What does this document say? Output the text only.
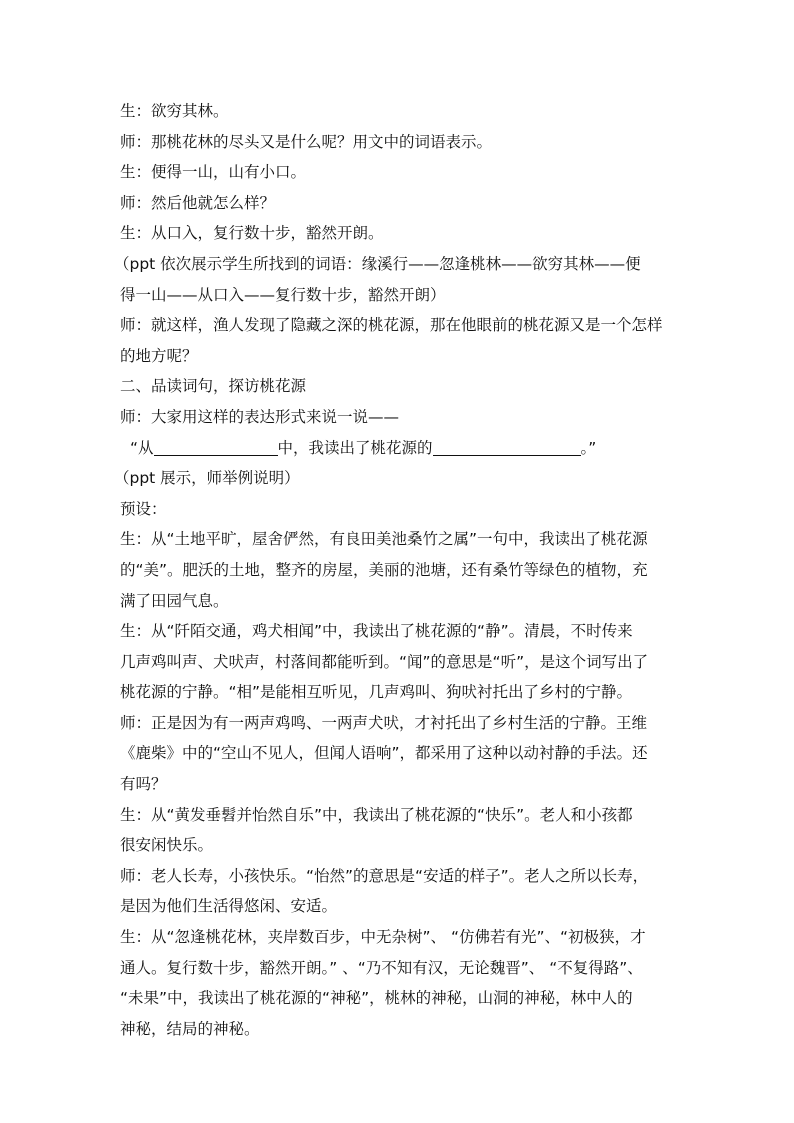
生：欲穷其林。
师：那桃花林的尽头又是什么呢？用文中的词语表示。
生：便得一山，山有小口。
师：然后他就怎么样？
生：从口入，复行数十步，豁然开朗。
（ppt 依次展示学生所找到的词语：缘溪行——忽逢桃林——欲穷其林——便
得一山——从口入——复行数十步，豁然开朗）
师：就这样，渔人发现了隐藏之深的桃花源，那在他眼前的桃花源又是一个怎样
的地方呢？
二、品读词句，探访桃花源
师：大家用这样的表达形式来说一说——
“从	中，我读出了桃花源的	。”
（ppt 展示，师举例说明）
预设：
生：从“土地平旷，屋舍俨然，有良田美池桑竹之属”一句中，我读出了桃花源
的“美”。肥沃的土地，整齐的房屋，美丽的池塘，还有桑竹等绿色的植物，充
满了田园气息。
生：从“阡陌交通，鸡犬相闻”中，我读出了桃花源的“静”。清晨，不时传来
几声鸡叫声、犬吠声，村落间都能听到。“闻”的意思是“听”，是这个词写出了
桃花源的宁静。“相”是能相互听见，几声鸡叫、狗吠衬托出了乡村的宁静。
师：正是因为有一两声鸡鸣、一两声犬吠，才衬托出了乡村生活的宁静。王维
《鹿柴》中的“空山不见人，但闻人语响”，都采用了这种以动衬静的手法。还
有吗？
生：从“黄发垂髫并怡然自乐”中，我读出了桃花源的“快乐”。老人和小孩都
很安闲快乐。
师：老人长寿，小孩快乐。“怡然”的意思是“安适的样子”。老人之所以长寿，
是因为他们生活得悠闲、安适。
生：从“忽逢桃花林，夹岸数百步，中无杂树”、 “仿佛若有光”、“初极狭，才
通人。复行数十步，豁然开朗。” 、“乃不知有汉，无论魏晋”、 “不复得路”、
“未果”中，我读出了桃花源的“神秘”，桃林的神秘，山洞的神秘，林中人的
神秘，结局的神秘。
